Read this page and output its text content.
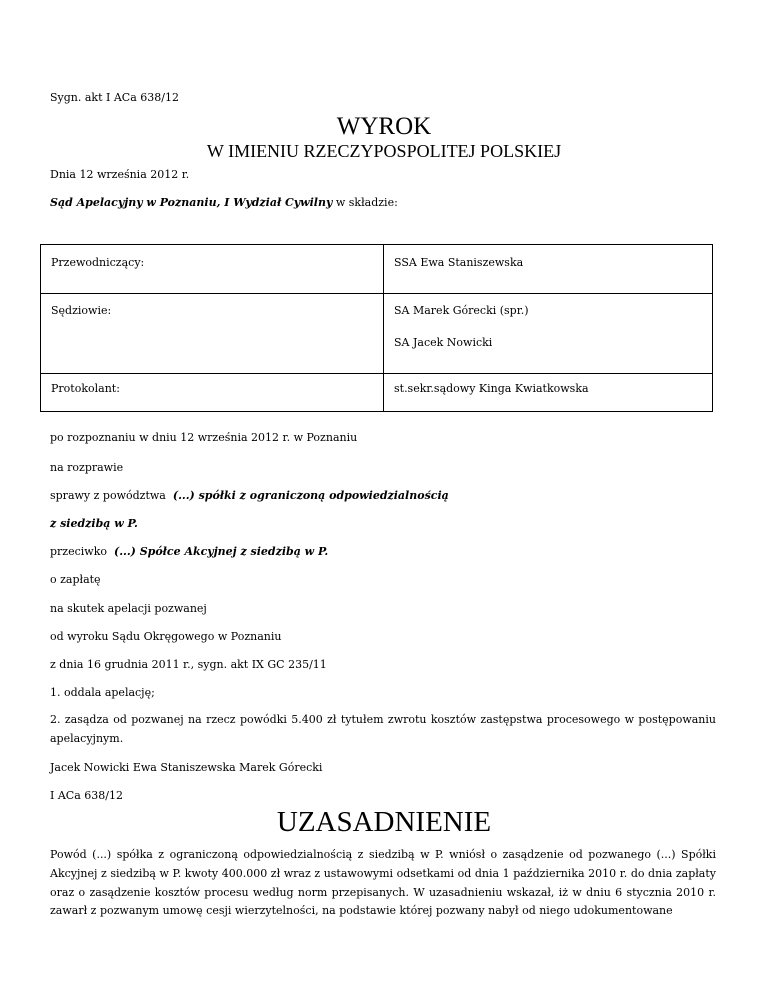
Sygn. akt I ACa 638/12
WYROK
W IMIENIU RZECZYPOSPOLITEJ POLSKIEJ
Dnia 12 września 2012 r.
Sąd Apelacyjny w Poznaniu, I Wydział Cywilny w składzie:
Przewodniczący:	SSA Ewa Staniszewska

Sędziowie:	SA Marek Górecki (spr.)
SA Jacek Nowicki

Protokolant:	st.sekr.sądowy Kinga Kwiatkowska
po rozpoznaniu w dniu 12 września 2012 r. w Poznaniu
na rozprawie
sprawy z powództwa  (...) spółki z ograniczoną odpowiedzialnością
z siedzibą w P.
przeciwko  (...) Spółce Akcyjnej z siedzibą w P.
o zapłatę
na skutek apelacji pozwanej
od wyroku Sądu Okręgowego w Poznaniu
z dnia 16 grudnia 2011 r., sygn. akt IX GC 235/11
1. oddala apelację;
2. zasądza od pozwanej na rzecz powódki 5.400 zł tytułem zwrotu kosztów zastępstwa procesowego w postępowaniu apelacyjnym.
Jacek Nowicki Ewa Staniszewska Marek Górecki
I ACa 638/12
UZASADNIENIE
Powód (...) spółka z ograniczoną odpowiedzialnością z siedzibą w P. wniósł o zasądzenie od pozwanego (...) Spółki Akcyjnej z siedzibą w P. kwoty 400.000 zł wraz z ustawowymi odsetkami od dnia 1 października 2010 r. do dnia zapłaty oraz o zasądzenie kosztów procesu według norm przepisanych. W uzasadnieniu wskazał, iż w dniu 6 stycznia 2010 r. zawarł z pozwanym umowę cesji wierzytelności, na podstawie której pozwany nabył od niego udokumentowane
